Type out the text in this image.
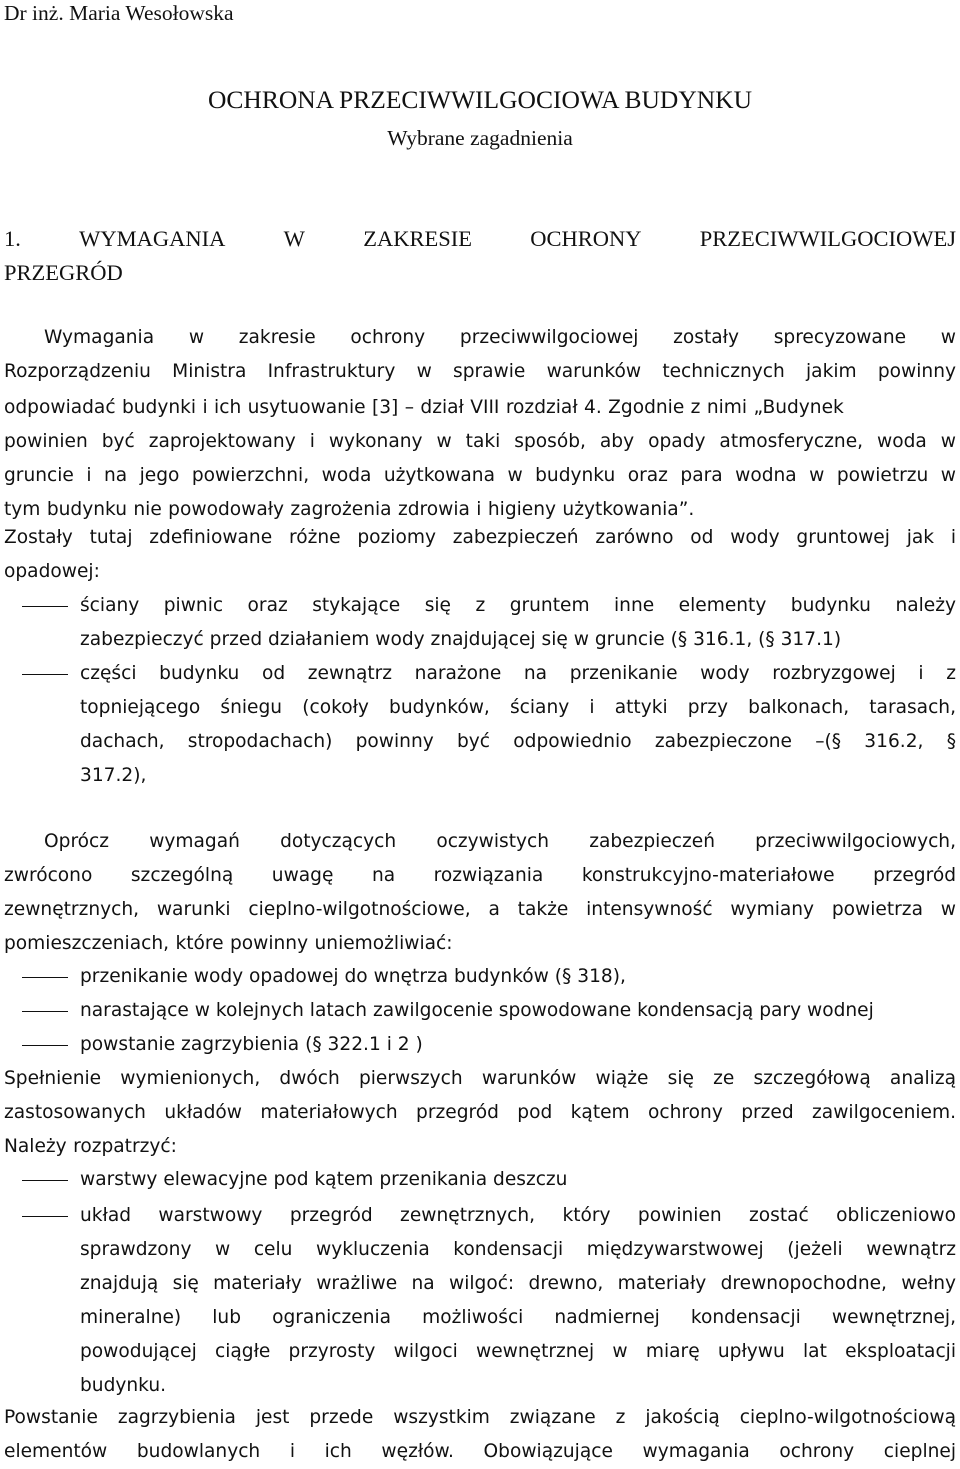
Dr inż. Maria Wesołowska
OCHRONA PRZECIWWILGOCIOWA BUDYNKU
Wybrane zagadnienia
1.	WYMAGANIA	W	ZAKRESIE	OCHRONY	PRZECIWWILGOCIOWEJ
PRZEGRÓD
Wymagania w zakresie ochrony przeciwwilgociowej zostały sprecyzowane w
Rozporządzeniu Ministra Infrastruktury w sprawie warunków technicznych jakim powinny
odpowiadać budynki i ich usytuowanie [3] – dział VIII rozdział 4. Zgodnie z nimi „Budynek
powinien być zaprojektowany i wykonany w taki sposób, aby opady atmosferyczne, woda w
gruncie i na jego powierzchni, woda użytkowana w budynku oraz para wodna w powietrzu w
tym budynku nie powodowały zagrożenia zdrowia i higieny użytkowania”.
Zostały tutaj zdefiniowane różne poziomy zabezpieczeń zarówno od wody gruntowej jak i
opadowej:
ściany piwnic oraz stykające się z gruntem inne elementy budynku należy
zabezpieczyć przed działaniem wody znajdującej się w gruncie (§ 316.1, (§ 317.1)
części budynku od zewnątrz narażone na przenikanie wody rozbryzgowej i z
topniejącego śniegu (cokoły budynków, ściany i attyki przy balkonach, tarasach,
dachach, stropodachach) powinny być odpowiednio zabezpieczone –(§ 316.2, §
317.2),
Oprócz wymagań dotyczących oczywistych zabezpieczeń przeciwwilgociowych,
zwrócono szczególną uwagę na rozwiązania konstrukcyjno-materiałowe przegród
zewnętrznych, warunki cieplno-wilgotnościowe, a także intensywność wymiany powietrza w
pomieszczeniach, które powinny uniemożliwiać:
przenikanie wody opadowej do wnętrza budynków (§ 318),
narastające w kolejnych latach zawilgocenie spowodowane kondensacją pary wodnej
powstanie zagrzybienia (§ 322.1 i 2 )
Spełnienie wymienionych, dwóch pierwszych warunków wiąże się ze szczegółową analizą
zastosowanych układów materiałowych przegród pod kątem ochrony przed zawilgoceniem.
Należy rozpatrzyć:
warstwy elewacyjne pod kątem przenikania deszczu
układ warstwowy przegród zewnętrznych, który powinien zostać obliczeniowo
sprawdzony w celu wykluczenia kondensacji międzywarstwowej (jeżeli wewnątrz
znajdują się materiały wrażliwe na wilgoć: drewno, materiały drewnopochodne, wełny
mineralne) lub ograniczenia możliwości nadmiernej kondensacji wewnętrznej,
powodującej ciągłe przyrosty wilgoci wewnętrznej w miarę upływu lat eksploatacji
budynku.
Powstanie zagrzybienia jest przede wszystkim związane z jakością cieplno-wilgotnościową
elementów budowlanych i ich węzłów. Obowiązujące wymagania ochrony cieplnej
